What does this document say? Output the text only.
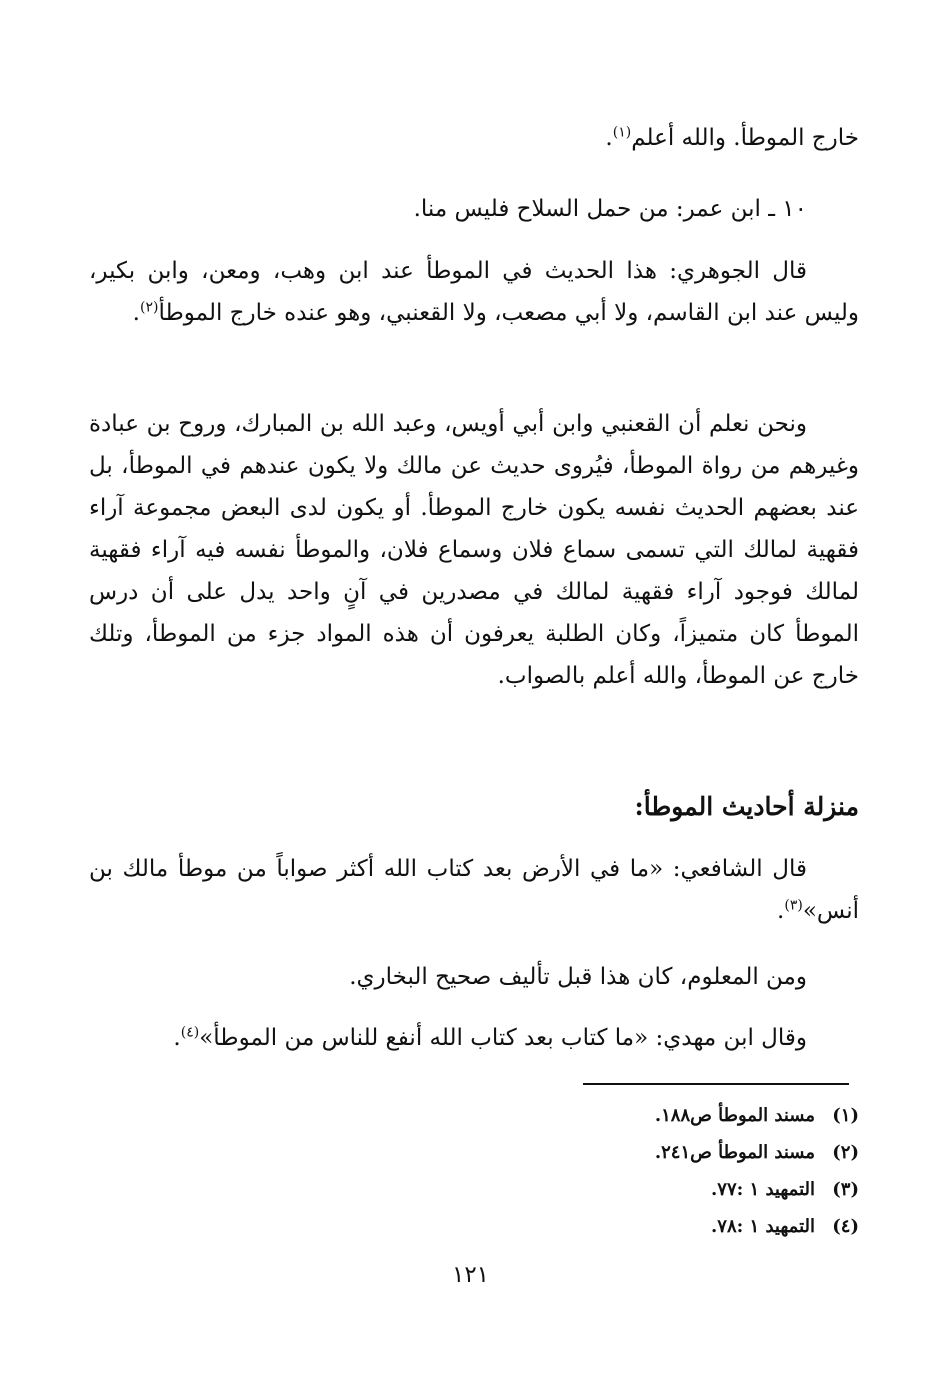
خارج الموطأ. والله أعلم$^{(١)}$.

١٠ ـ ابن عمر: من حمل السلاح فليس منا.

قال الجوهري: هذا الحديث في الموطأ عند ابن وهب، ومعن، وابن بكير، وليس عند ابن القاسم، ولا أبي مصعب، ولا القعنبي، وهو عنده خارج الموطأ$^{(٢)}$.

ونحن نعلم أن القعنبي وابن أبي أويس، وعبد الله بن المبارك، وروح بن عبادة وغيرهم من رواة الموطأ، فيُروى حديث عن مالك ولا يكون عندهم في الموطأ، بل عند بعضهم الحديث نفسه يكون خارج الموطأ. أو يكون لدى البعض مجموعة آراء فقهية لمالك التي تسمى سماع فلان وسماع فلان، والموطأ نفسه فيه آراء فقهية لمالك فوجود آراء فقهية لمالك في مصدرين في آنٍ واحد يدل على أن درس الموطأ كان متميزاً، وكان الطلبة يعرفون أن هذه المواد جزء من الموطأ، وتلك خارج عن الموطأ، والله أعلم بالصواب.

منزلة أحاديث الموطأ:

قال الشافعي: «ما في الأرض بعد كتاب الله أكثر صواباً من موطأ مالك بن أنس»$^{(٣)}$.

ومن المعلوم، كان هذا قبل تأليف صحيح البخاري.

وقال ابن مهدي: «ما كتاب بعد كتاب الله أنفع للناس من الموطأ»$^{(٤)}$.

(١)
مسند الموطأ ص١٨٨.
(٢)
مسند الموطأ ص٢٤١.
(٣)
التمهيد ١ :٧٧.
(٤)
التمهيد ١ :٧٨.
١٢١
